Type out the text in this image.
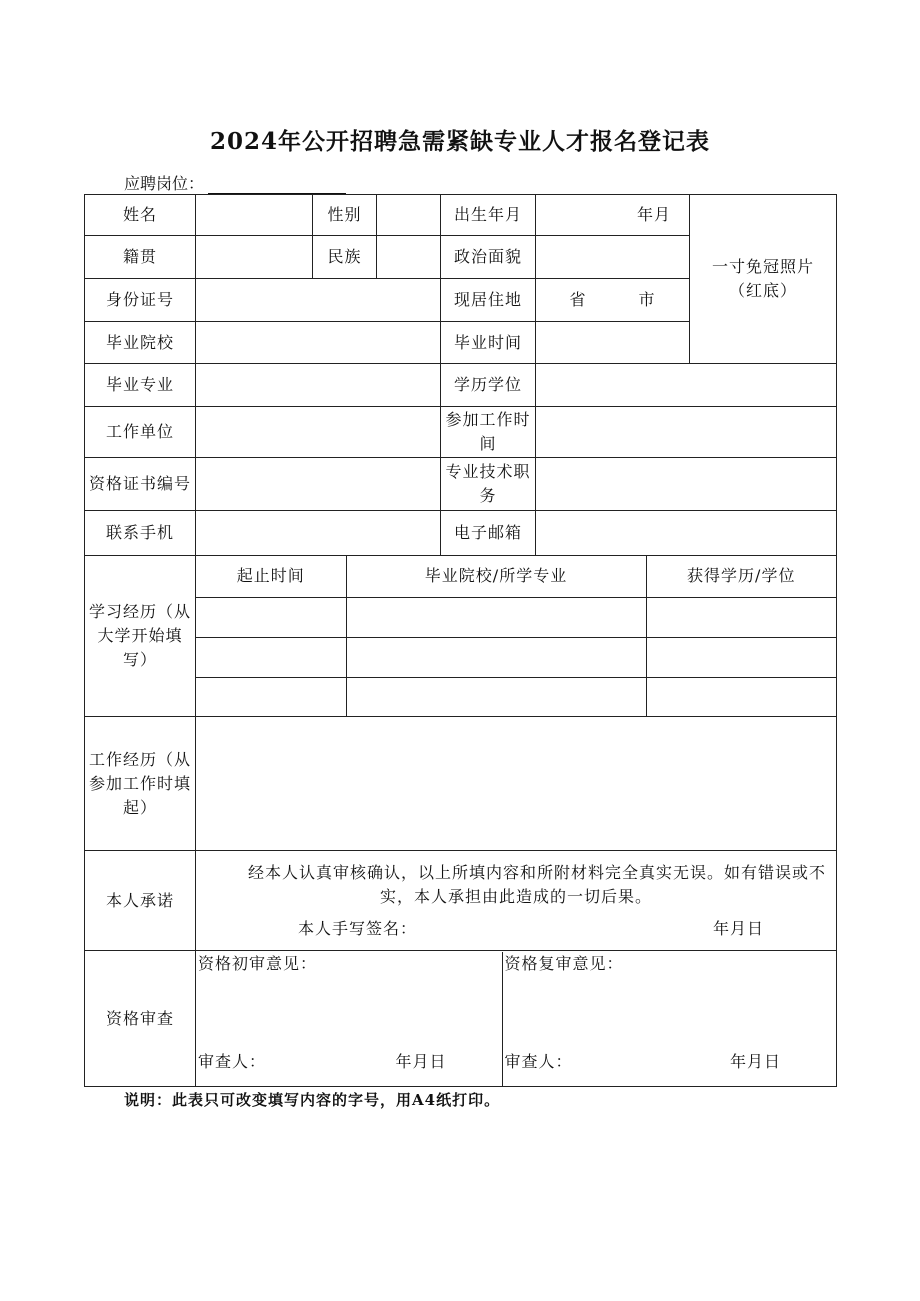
2024年公开招聘急需紧缺专业人才报名登记表
应聘岗位：
姓名		性别		出生年月	年月	
一寸免冠照片
（红底）

籍贯		民族		政治面貌	
身份证号		现居住地	省	市
毕业院校		毕业时间	
毕业专业		学历学位	
工作单位		参加工作时间	
资格证书编号		专业技术职务	
联系手机		电子邮箱	
学习经历（从大学开始填写）	
起止时间	毕业院校/所学专业	获得学历/学位

工作经历（从参加工作时填起）	
本人承诺	
经本人认真审核确认，以上所填内容和所附材料完全真实无误。如有错误或不实，本人承担由此造成的一切后果。
本人手写签名：	年月日

资格审查	
资格初审意见：
审查人：	年月日

资格复审意见：
审查人：	年月日
说明：此表只可改变填写内容的字号，用A4纸打印。
